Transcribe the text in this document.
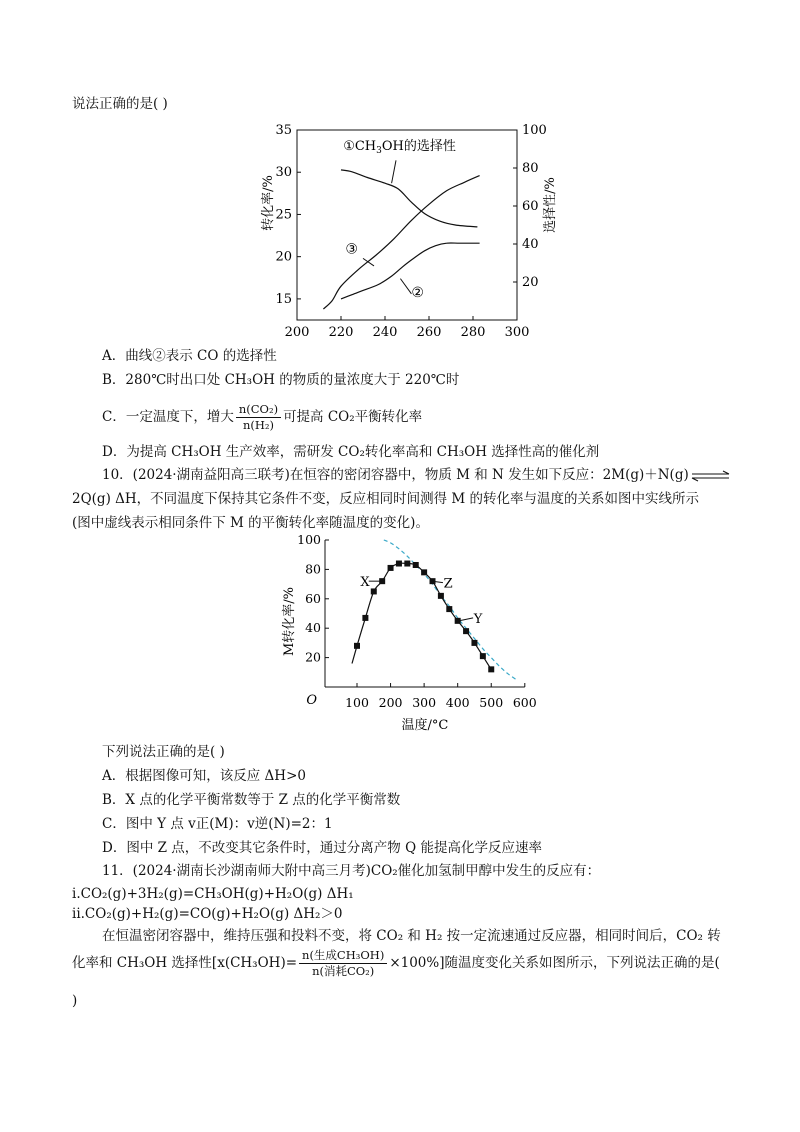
说法正确的是( )
200 220 240 260 280 300
15
20
25
30
35
20
40
60
80
100
转化率/%	选择性/%
$①CH_3OH$的选择性
③
②
A．曲线②表示 CO 的选择性
B．280℃时出口处 CH₃OH 的物质的量浓度大于 220℃时
C．一定温度下，增大 $\frac{\text{n(CO₂)}}{\text{n(H₂)}}$ 可提高 CO₂平衡转化率
D．为提高 CH₃OH 生产效率，需研发 CO₂转化率高和 CH₃OH 选择性高的催化剂
10．(2024·湖南益阳高三联考)在恒容的密闭容器中，物质 M 和 N 发生如下反应：2M(g)＋N(g)⇌
2Q(g) ΔH，不同温度下保持其它条件不变，反应相同时间测得 M 的转化率与温度的关系如图中实线所示
(图中虚线表示相同条件下 M 的平衡转化率随温度的变化)。
20
40
60
80
100
100 200 300 400 500 600
O
温度/°C
M转化率/%
X	Z
Y
下列说法正确的是( )
A．根据图像可知，该反应 ΔH>0
B．X 点的化学平衡常数等于 Z 点的化学平衡常数
C．图中 Y 点 v正(M)：v逆(N)=2：1
D．图中 Z 点，不改变其它条件时，通过分离产物 Q 能提高化学反应速率
11．(2024·湖南长沙湖南师大附中高三月考)CO₂催化加氢制甲醇中发生的反应有：
i.CO₂(g)+3H₂(g)=CH₃OH(g)+H₂O(g) ΔH₁
ii.CO₂(g)+H₂(g)=CO(g)+H₂O(g) ΔH₂＞0
在恒温密闭容器中，维持压强和投料不变，将 CO₂ 和 H₂ 按一定流速通过反应器，相同时间后，CO₂ 转
化率和 CH₃OH 选择性$[x(CH_3OH)= \frac{\text{n(生成CH₃OH)}}{\text{n(消耗CO₂)}} \times 100\%]$随温度变化关系如图所示，下列说法正确的是(
)
